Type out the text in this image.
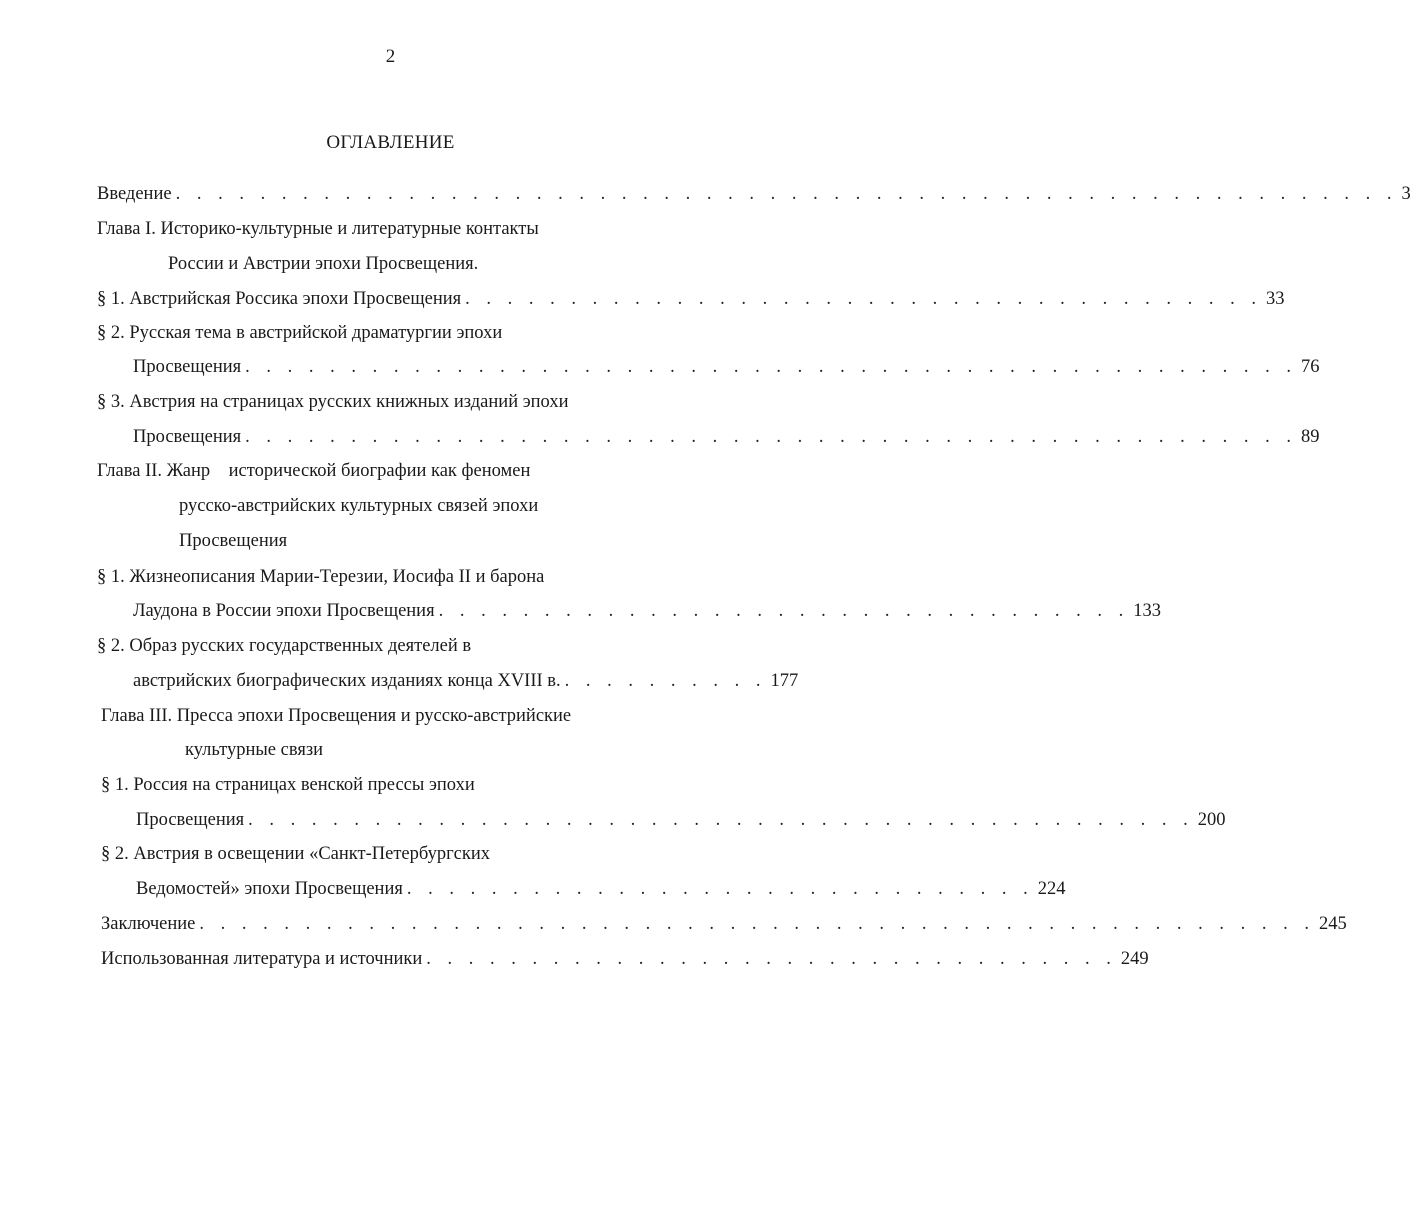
2
ОГЛАВЛЕНИЕ
Введение . . . . . . . . . . . . . . . . . . . . . . . . . . . . . . . . . . . . . . . . . . . . . . . . . . . . . . . . . . 3
Глава I. Историко-культурные и литературные контакты
России и Австрии эпохи Просвещения.
§ 1. Австрийская Россика эпохи Просвещения . . . . . . . . . . . . . . . . . . . . . . . . . . . . . . . . . . . . . . 33
§ 2. Русская тема в австрийской драматургии эпохи
Просвещения . . . . . . . . . . . . . . . . . . . . . . . . . . . . . . . . . . . . . . . . . . . . . . . . . . 76
§ 3. Австрия на страницах русских книжных изданий эпохи
Просвещения . . . . . . . . . . . . . . . . . . . . . . . . . . . . . . . . . . . . . . . . . . . . . . . . . . 89
Глава II. Жанр    исторической биографии как феномен
русско-австрийских культурных связей эпохи
Просвещения
§ 1. Жизнеописания Марии-Терезии, Иосифа II и барона
Лаудона в России эпохи Просвещения . . . . . . . . . . . . . . . . . . . . . . . . . . . . . . . . . 133
§ 2. Образ русских государственных деятелей в
австрийских биографических изданиях конца XVIII в. . . . . . . . . . . 177
Глава III. Пресса эпохи Просвещения и русско-австрийские
культурные связи
§ 1. Россия на страницах венской прессы эпохи
Просвещения . . . . . . . . . . . . . . . . . . . . . . . . . . . . . . . . . . . . . . . . . . . . . 200
§ 2. Австрия в освещении «Санкт-Петербургских
Ведомостей» эпохи Просвещения . . . . . . . . . . . . . . . . . . . . . . . . . . . . . . 224
Заключение . . . . . . . . . . . . . . . . . . . . . . . . . . . . . . . . . . . . . . . . . . . . . . . . . . . . . 245
Использованная литература и источники . . . . . . . . . . . . . . . . . . . . . . . . . . . . . . . . . 249
